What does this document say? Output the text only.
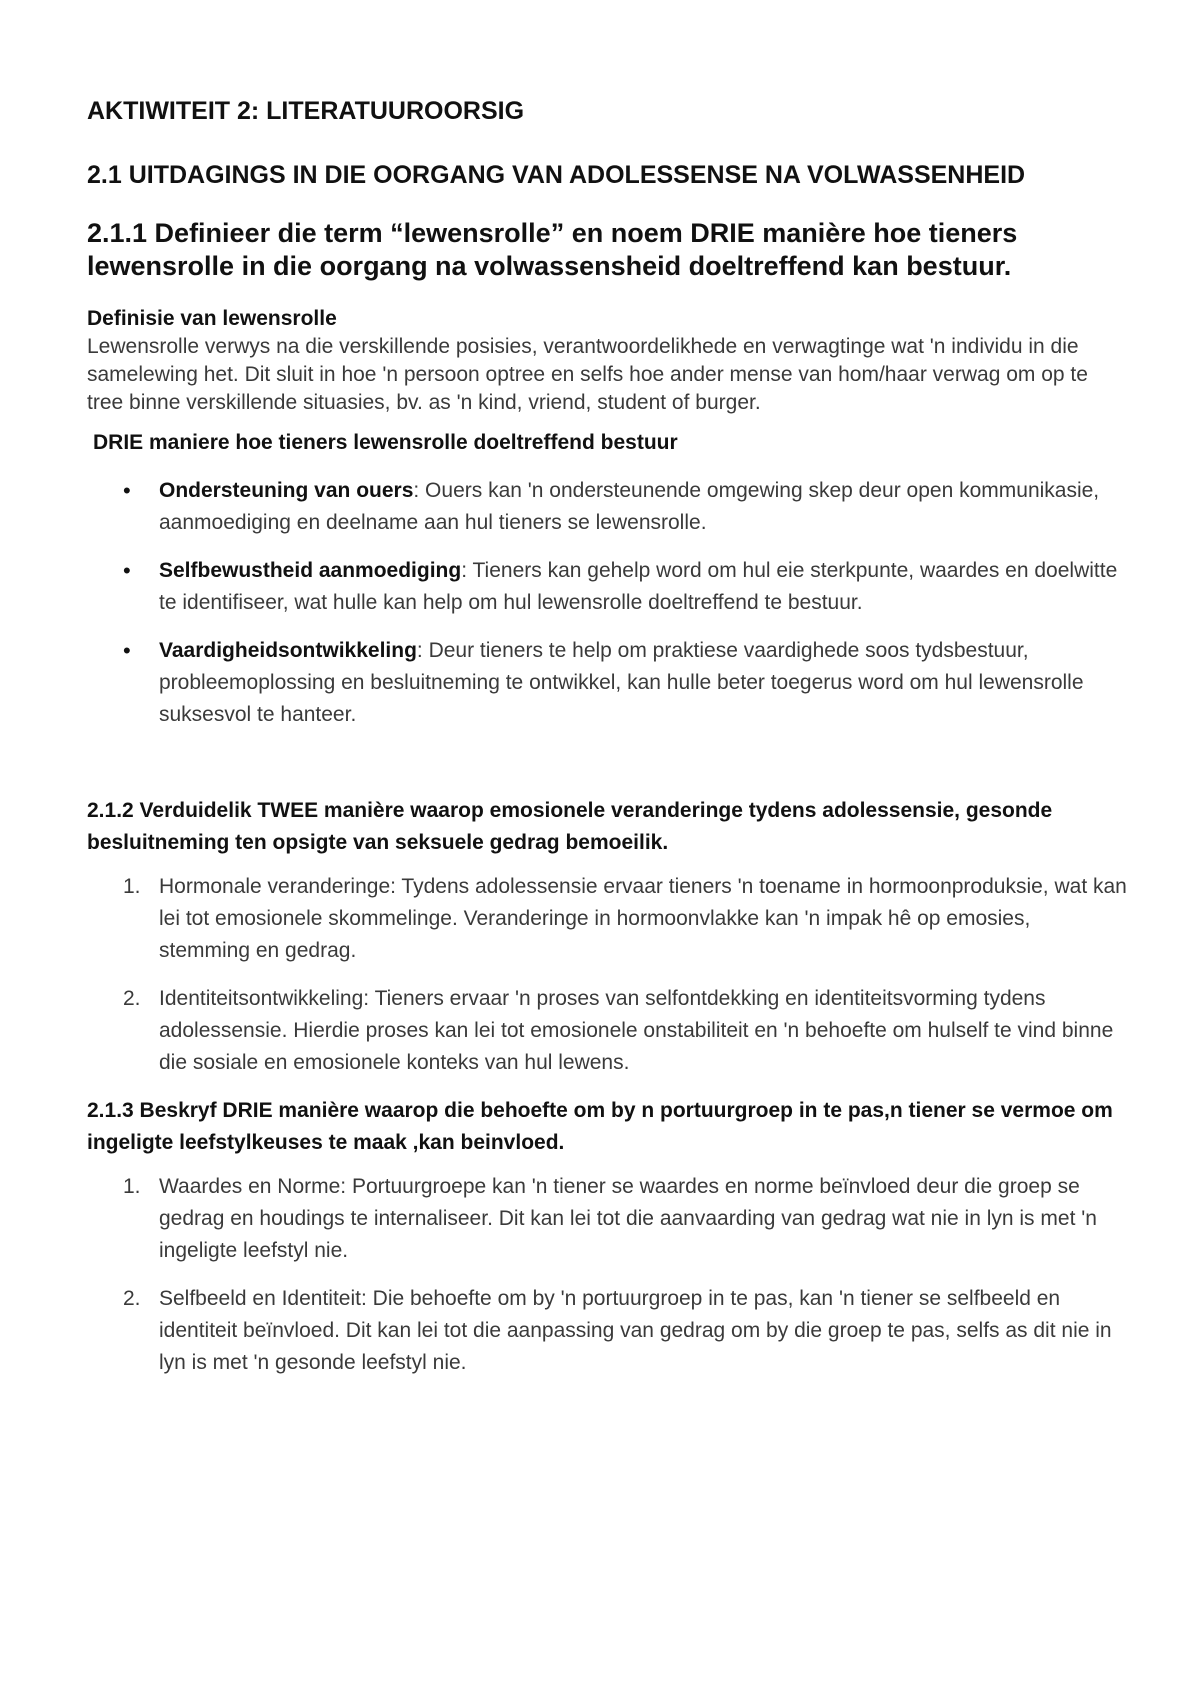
AKTIWITEIT 2: LITERATUUROORSIG
2.1 UITDAGINGS IN DIE OORGANG VAN ADOLESSENSE NA VOLWASSENHEID
2.1.1 Definieer die term “lewensrolle” en noem DRIE manière hoe tieners lewensrolle in die oorgang na volwassensheid doeltreffend kan bestuur.
Definisie van lewensrolle

Lewensrolle verwys na die verskillende posisies, verantwoordelikhede en verwagtinge wat 'n individu in die samelewing het. Dit sluit in hoe 'n persoon optree en selfs hoe ander mense van hom/haar verwag om op te tree binne verskillende situasies, bv. as 'n kind, vriend, student of burger.

DRIE maniere hoe tieners lewensrolle doeltreffend bestuur
• Ondersteuning van ouers: Ouers kan 'n ondersteunende omgewing skep deur open kommunikasie, aanmoediging en deelname aan hul tieners se lewensrolle.
• Selfbewustheid aanmoediging: Tieners kan gehelp word om hul eie sterkpunte, waardes en doelwitte te identifiseer, wat hulle kan help om hul lewensrolle doeltreffend te bestuur.
• Vaardigheidsontwikkeling: Deur tieners te help om praktiese vaardighede soos tydsbestuur, probleemoplossing en besluitneming te ontwikkel, kan hulle beter toegerus word om hul lewensrolle suksesvol te hanteer.
2.1.2 Verduidelik TWEE manière waarop emosionele veranderinge tydens adolessensie, gesonde besluitneming ten opsigte van seksuele gedrag bemoeilik.
1. Hormonale veranderinge: Tydens adolessensie ervaar tieners 'n toename in hormoonproduksie, wat kan lei tot emosionele skommelinge. Veranderinge in hormoonvlakke kan 'n impak hê op emosies, stemming en gedrag.
2. Identiteitsontwikkeling: Tieners ervaar 'n proses van selfontdekking en identiteitsvorming tydens adolessensie. Hierdie proses kan lei tot emosionele onstabiliteit en 'n behoefte om hulself te vind binne die sosiale en emosionele konteks van hul lewens.
2.1.3 Beskryf DRIE manière waarop die behoefte om by n portuurgroep in te pas,n tiener se vermoe om ingeligte leefstylkeuses te maak ,kan beinvloed.
1. Waardes en Norme: Portuurgroepe kan 'n tiener se waardes en norme beïnvloed deur die groep se gedrag en houdings te internaliseer. Dit kan lei tot die aanvaarding van gedrag wat nie in lyn is met 'n ingeligte leefstyl nie.
2. Selfbeeld en Identiteit: Die behoefte om by 'n portuurgroep in te pas, kan 'n tiener se selfbeeld en identiteit beïnvloed. Dit kan lei tot die aanpassing van gedrag om by die groep te pas, selfs as dit nie in lyn is met 'n gesonde leefstyl nie.
